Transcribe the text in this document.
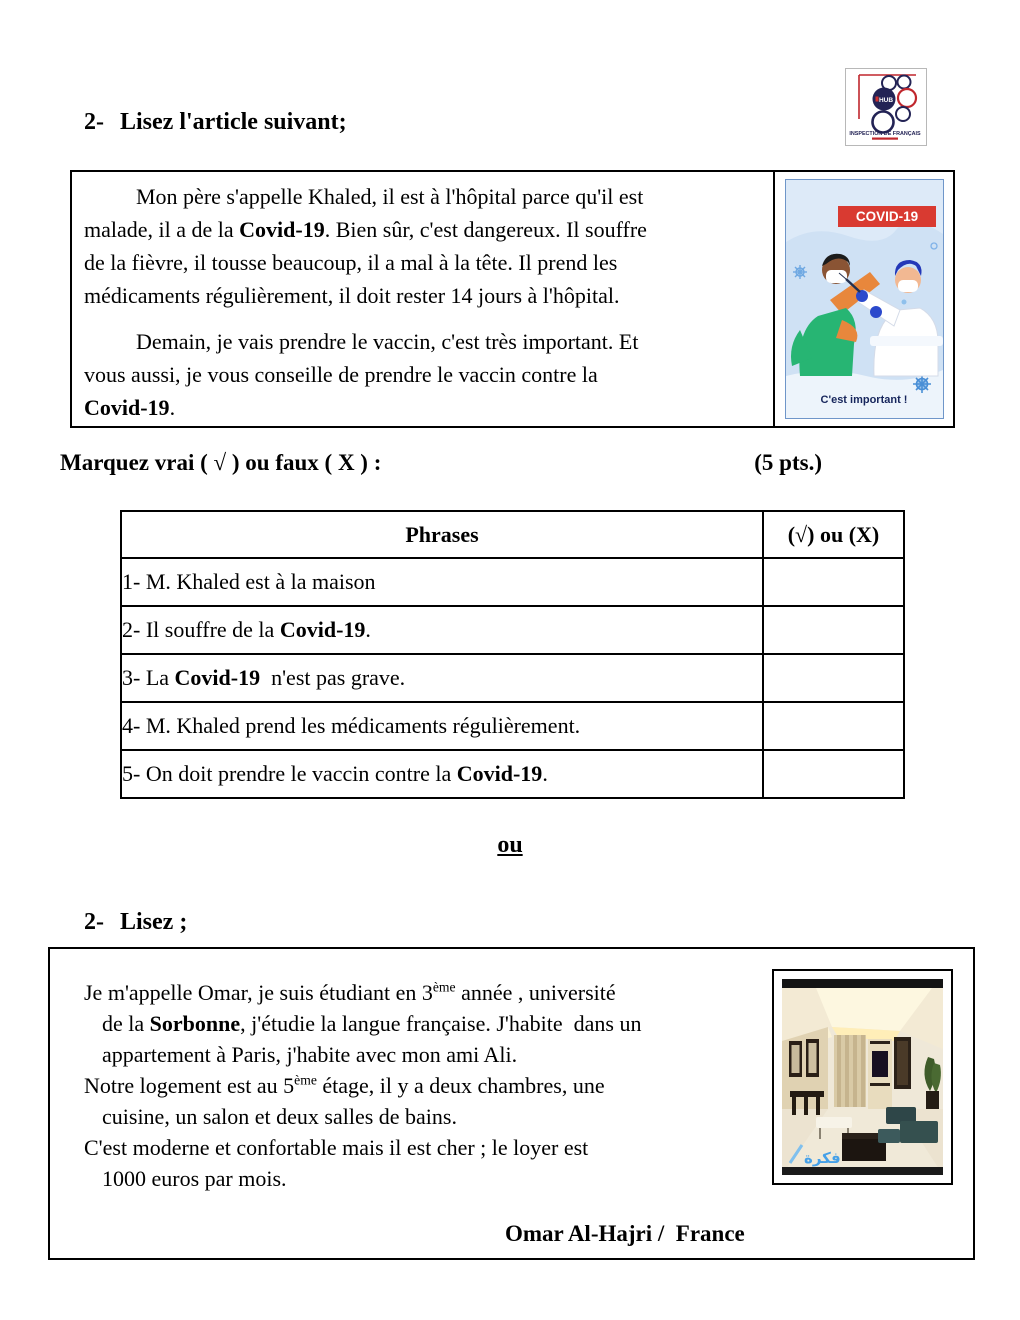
2- Lisez l'article suivant;

HUB
INSPECTION DE FRANÇAIS
Mon père s'appelle Khaled, il est à l'hôpital parce qu'il est
malade, il a de la Covid-19. Bien sûr, c'est dangereux. Il souffre
de la fièvre, il tousse beaucoup, il a mal à la tête. Il prend les
médicaments régulièrement, il doit rester 14 jours à l'hôpital.
Demain, je vais prendre le vaccin, c'est très important. Et
vous aussi, je vous conseille de prendre le vaccin contre la
Covid-19.
COVID-19
C'est important !
Marquez vrai ( √ ) ou faux ( X ) :	(5 pts.)
Phrases	(√) ou (X)
1- M. Khaled est à la maison	
2- Il souffre de la Covid-19.	
3- La Covid-19  n'est pas grave.	
4- M. Khaled prend les médicaments régulièrement.	
5- On doit prendre le vaccin contre la Covid-19.	
ou

2- Lisez ;

Je m'appelle Omar, je suis étudiant en 3ème année , université
de la Sorbonne, j'étudie la langue française. J'habite  dans un
appartement à Paris, j'habite avec mon ami Ali.
Notre logement est au 5ème étage, il y a deux chambres, une
cuisine, un salon et deux salles de bains.
C'est moderne et confortable mais il est cher ; le loyer est
1000 euros par mois.
فكرة
Omar Al-Hajri /  France
